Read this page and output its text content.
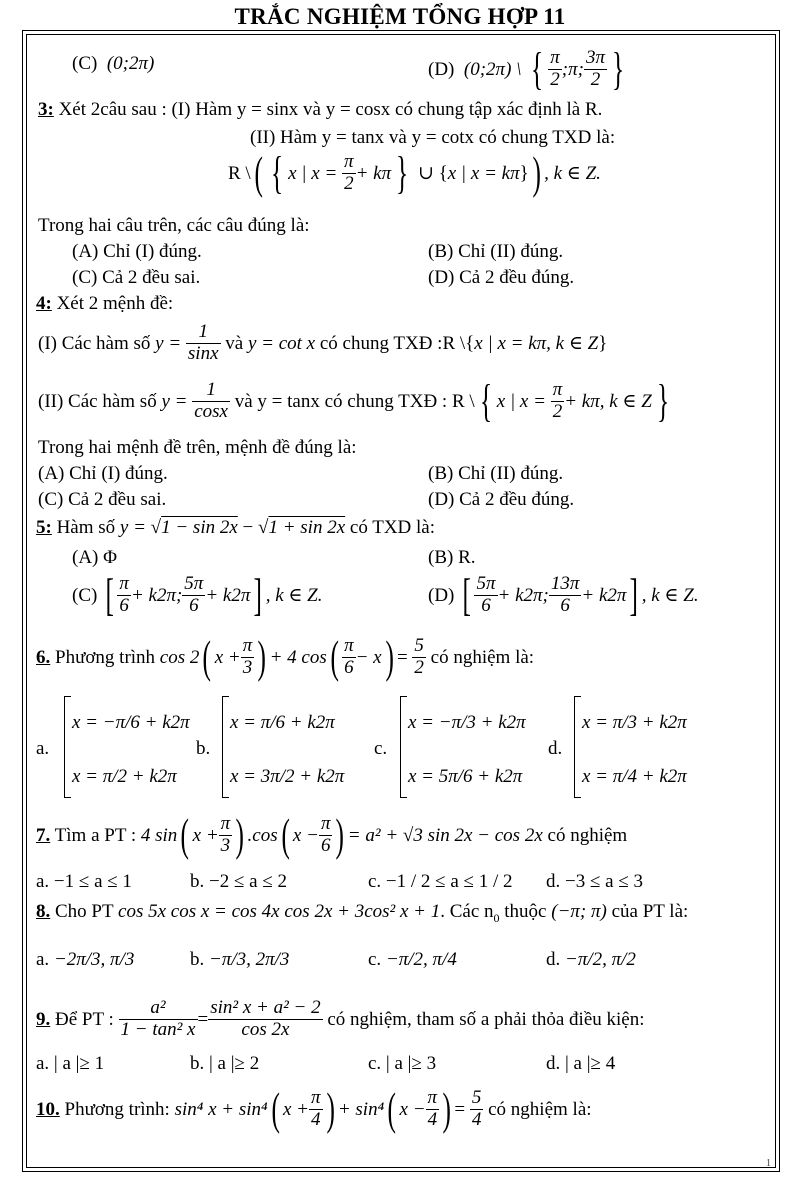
TRẮC NGHIỆM TỔNG HỢP 11
1
(C) (0;2π)	(D) (0;2π) \ { $\frac{\pi}{2}$ ;π; $\frac{3\pi}{2}$ }
3: Xét 2câu sau : (I) Hàm y = sinx và y = cosx có chung tập xác định là R.
(II) Hàm y = tanx và y = cotx có chung TXD là:
R \( { x | $x = \frac{\pi}{2} + k\pi$ } ∪ {x | x = kπ}) , k ∈ Z.
Trong hai câu trên, các câu đúng là:
(A) Chỉ (I) đúng.	(B) Chỉ (II) đúng.
(C) Cả 2 đều sai.	(D) Cả 2 đều đúng.
4: Xét 2 mệnh đề:
(I) Các hàm số $y = \frac{1}{\sin x}$ và y = cot x có chung TXĐ :R \{x | x = kπ, k ∈ Z}
(II) Các hàm số $y = \frac{1}{\cos x}$ và y = tanx có chung TXĐ : R \ { x | $x = \frac{\pi}{2} + k\pi$, k ∈ Z }
Trong hai mệnh đề trên, mệnh đề đúng là:
(A) Chỉ (I) đúng.	(B) Chỉ (II) đúng.
(C) Cả 2 đều sai.	(D) Cả 2 đều đúng.
5: Hàm số y = √1 − sin 2x − √1 + sin 2x có TXD là:
(A) Φ	(B) R.
(C) [ $\frac{\pi}{6} + k2\pi$; $\frac{5\pi}{6} + k2\pi$] , k ∈ Z.	(D) [ $\frac{5\pi}{6} + k2\pi$; $\frac{13\pi}{6} + k2\pi$] , k ∈ Z.
6. Phương trình cos 2( $x + \frac{\pi}{3}$ ) + 4 $\cos( \frac{\pi}{6} - x) = \frac{5}{2}$ có nghiệm là:
a.
x = −π/6 + k2π
x = π/2 + k2π
b.
x = π/6 + k2π
x = 3π/2 + k2π
c.
x = −π/3 + k2π
x = 5π/6 + k2π
d.
x = π/3 + k2π
x = π/4 + k2π
7. Tìm a PT : 4 sin( $x + \frac{\pi}{3}$ ) .cos( $x - \frac{\pi}{6}$ ) = a² + √3 sin 2x − cos 2x có nghiệm
a. −1 ≤ a ≤ 1	b. −2 ≤ a ≤ 2	c. −1 / 2 ≤ a ≤ 1 / 2 d. −3 ≤ a ≤ 3
8. Cho PT cos 5x cos x = cos 4x cos 2x + 3cos² x + 1. Các $n_0$ thuộc (−π; π) của PT là:
a. −2π/3, π/3	b. −π/3, 2π/3	c. −π/2, π/4	d. −π/2, π/2
9. Để PT : $\frac{\text{a²}}{\text{1 − tan² x}} = \frac{\text{sin² x + a² − 2}}{\cos 2x}$ có nghiệm, tham số a phải thỏa điều kiện:
a. | a |≥ 1	b. | a |≥ 2	c. | a |≥ 3	d. | a |≥ 4
10. Phương trình: sin⁴ x + sin⁴( $x + \frac{\pi}{4}$ ) + sin⁴( $x - \frac{\pi}{4}$ ) = $\frac{5}{4}$ có nghiệm là:
